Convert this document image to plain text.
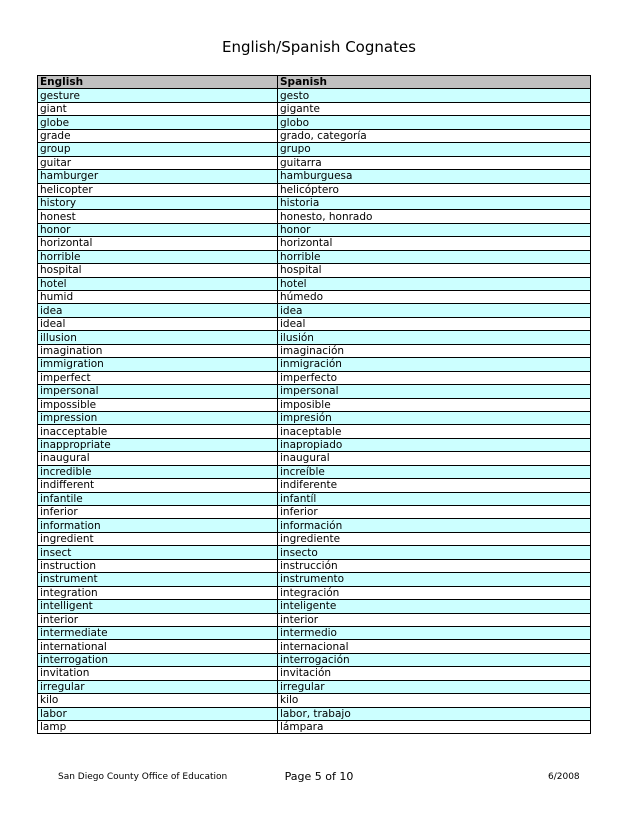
English/Spanish Cognates
English	Spanish
gesture	gesto
giant	gigante
globe	globo
grade	grado, categoría
group	grupo
guitar	guitarra
hamburger	hamburguesa
helicopter	helicóptero
history	historia
honest	honesto, honrado
honor	honor
horizontal	horizontal
horrible	horrible
hospital	hospital
hotel	hotel
humid	húmedo
idea	idea
ideal	ideal
illusion	ilusión
imagination	imaginación
immigration	inmigración
imperfect	imperfecto
impersonal	impersonal
impossible	imposible
impression	impresión
inacceptable	inaceptable
inappropriate	inapropiado
inaugural	inaugural
incredible	increíble
indifferent	indiferente
infantile	infantíl
inferior	inferior
information	información
ingredient	ingrediente
insect	insecto
instruction	instrucción
instrument	instrumento
integration	integración
intelligent	inteligente
interior	interior
intermediate	intermedio
international	internacional
interrogation	interrogación
invitation	invitación
irregular	irregular
kilo	kilo
labor	labor, trabajo
lamp	lámpara
San Diego County Office of Education	Page 5 of 10	6/2008
